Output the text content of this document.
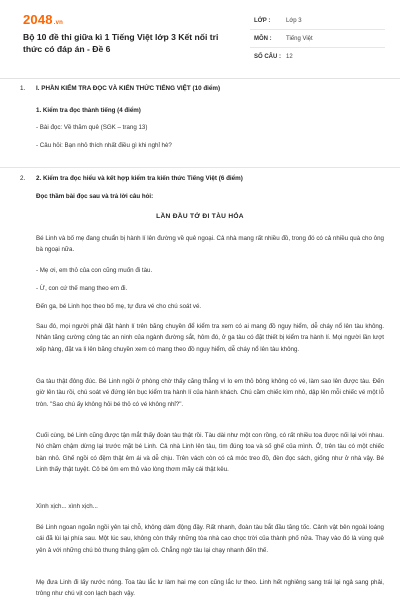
2048.vn
Bộ 10 đề thi giữa kì 1 Tiếng Việt lớp 3 Kết nối tri thức có đáp án - Đề 6
LỚP :	Lớp 3
MÔN :	Tiếng Việt
SỐ CÂU : 12
1. I. PHẦN KIỂM TRA ĐỌC VÀ KIẾN THỨC TIẾNG VIỆT (10 điểm)
1. Kiểm tra đọc thành tiếng (4 điểm)
- Bài đọc: Về thăm quê (SGK – trang 13)
- Câu hỏi: Bạn nhỏ thích nhất điều gì khi nghỉ hè?
2. 2. Kiểm tra đọc hiểu và kết hợp kiểm tra kiến thức Tiếng Việt (6 điểm)
Đọc thầm bài đọc sau và trả lời câu hỏi:
LẦN ĐẦU TỚ ĐI TÀU HỎA
Bé Linh và bố mẹ đang chuẩn bị hành lí lên đường về quê ngoại. Cả nhà mang rất nhiều đồ, trong đó có cả nhiều quà cho ông bà ngoại nữa.
- Mẹ ơi, em thỏ của con cũng muốn đi tàu.
- Ừ, con cứ thế mang theo em đi.
Đến ga, bé Linh học theo bố mẹ, tự đưa vé cho chú soát vé.
Sau đó, mọi người phải đặt hành lí trên băng chuyền để kiểm tra xem có ai mang đồ nguy hiểm, dễ cháy nổ lên tàu không. Nhân tăng cường công tác an ninh của ngành đường sắt, hôm đó, ở ga tàu có đặt thiết bị kiểm tra hành lí. Mọi người lần lượt xếp hàng, đặt va li lên băng chuyền xem có mang theo đồ nguy hiểm, dễ cháy nổ lên tàu không.
Ga tàu thật đông đúc. Bé Linh ngồi ở phòng chờ thấy căng thẳng vì lo em thỏ bông không có vé, làm sao lên được tàu. Đến giờ lên tàu rồi, chú soát vé đứng lên bục kiểm tra hành lí của hành khách. Chú cầm chiếc kìm nhỏ, dập lên mỗi chiếc vé một lỗ tròn. "Sao chú ấy không hỏi bé thỏ có vé không nhỉ?".
Cuối cùng, bé Linh cũng được tận mắt thấy đoàn tàu thật rồi. Tàu dài như một con rồng, có rất nhiều toa được nối lại với nhau. Nó chầm chậm dừng lại trước mặt bé Linh. Cả nhà Linh lên tàu, tìm đúng toa và số ghế của mình. Ở, trên tàu có một chiếc bàn nhỏ. Ghế ngồi có đệm thật êm ái và dễ chịu. Trên vách còn có cả móc treo đồ, đèn đọc sách, giống như ở nhà vậy. Bé Linh thấy thật tuyệt. Cô bé ôm em thỏ vào lòng thơm mãy cái thật kêu.
Xình xịch... xình xịch...
Bé Linh ngoan ngoãn ngồi yên tại chỗ, không dám động đậy. Rất nhanh, đoàn tàu bắt đầu tăng tốc. Cảnh vật bên ngoài loáng cái đã lùi lại phía sau. Một lúc sau, không còn thấy những tòa nhà cao chọc trời của thành phố nữa. Thay vào đó là vùng quê yên ả với những chú bò thung thăng gặm cỏ. Chẳng ngờ tàu lại chạy nhanh đến thế.
Mẹ đưa Linh đi lấy nước nóng. Toa tàu lắc lư làm hai mẹ con cũng lắc lư theo. Linh hết nghiêng sang trái lại ngả sang phải, trông như chú vịt con lạch bạch vậy.
